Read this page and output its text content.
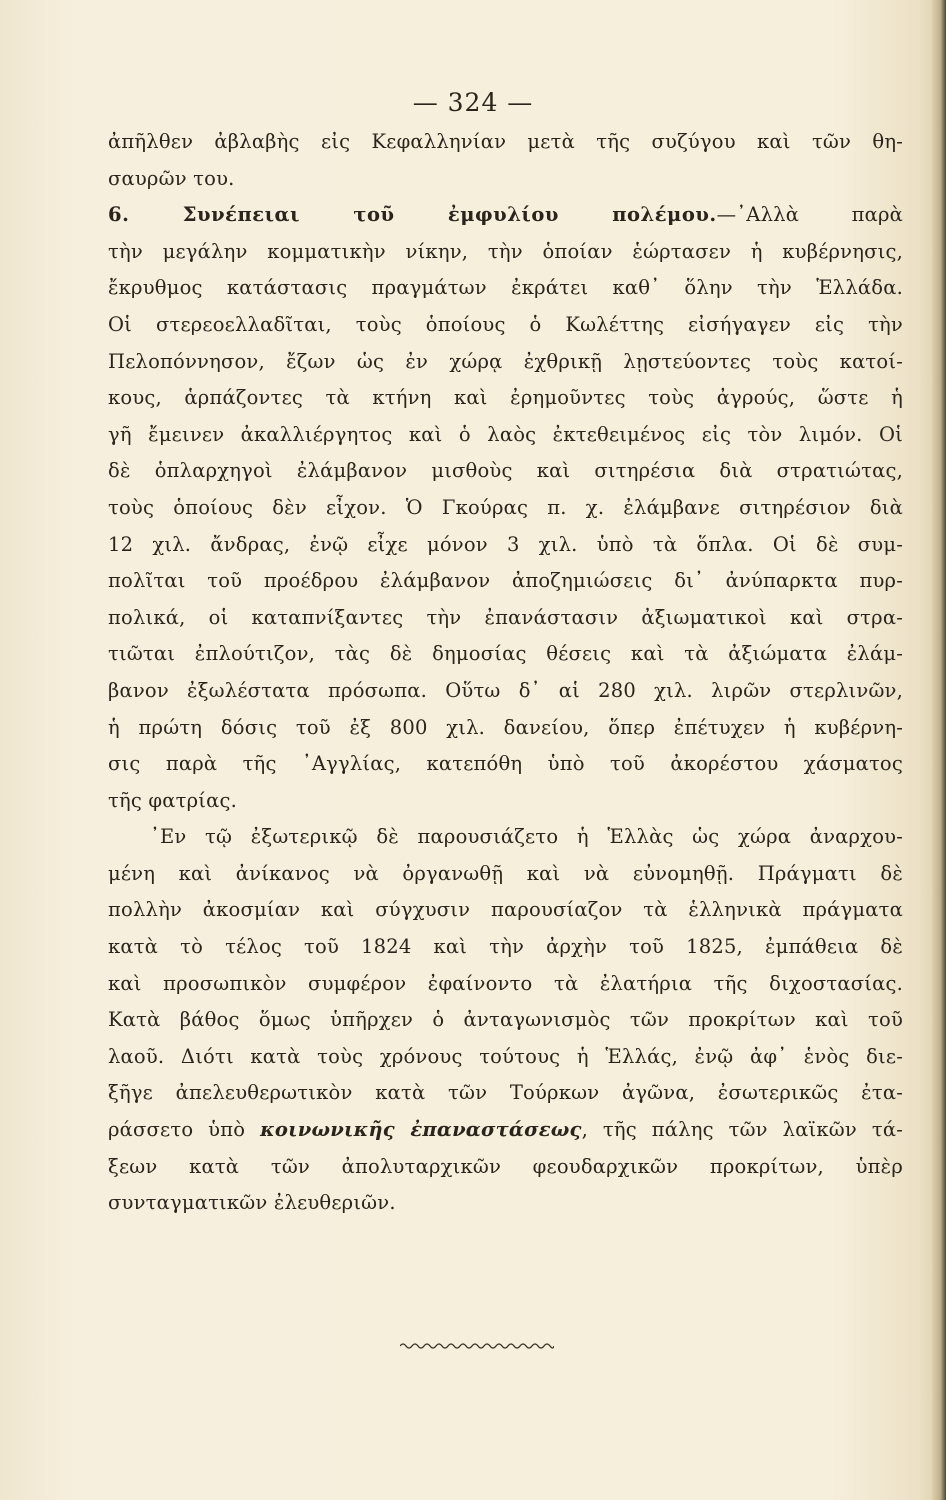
— 324 —
ἀπῆλθεν ἀβλαβὴς εἰς Κεφαλληνίαν μετὰ τῆς συζύγου καὶ τῶν θη-
σαυρῶν του.
6. Συνέπειαι τοῦ ἐμφυλίου πολέμου.—᾿Αλλὰ παρὰ
τὴν μεγάλην κομματικὴν νίκην, τὴν ὁποίαν ἑώρτασεν ἡ κυβέρνησις,
ἔκρυθμος κατάστασις πραγμάτων ἐκράτει καθ᾿ ὅλην τὴν Ἑλλάδα.
Οἱ στερεοελλαδῖται, τοὺς ὁποίους ὁ Κωλέττης εἰσήγαγεν εἰς τὴν
Πελοπόννησον, ἔζων ὡς ἐν χώρᾳ ἐχθρικῇ λῃστεύοντες τοὺς κατοί-
κους, ἁρπάζοντες τὰ κτήνη καὶ ἐρημοῦντες τοὺς ἀγρούς, ὥστε ἡ
γῆ ἔμεινεν ἀκαλλιέργητος καὶ ὁ λαὸς ἐκτεθειμένος εἰς τὸν λιμόν. Οἱ
δὲ ὁπλαρχηγοὶ ἐλάμβανον μισθοὺς καὶ σιτηρέσια διὰ στρατιώτας,
τοὺς ὁποίους δὲν εἶχον. Ὁ Γκούρας π. χ. ἐλάμβανε σιτηρέσιον διὰ
12 χιλ. ἄνδρας, ἐνῷ εἶχε μόνον 3 χιλ. ὑπὸ τὰ ὅπλα. Οἱ δὲ συμ-
πολῖται τοῦ προέδρου ἐλάμβανον ἀποζημιώσεις δι᾿ ἀνύπαρκτα πυρ-
πολικά, οἱ καταπνίξαντες τὴν ἐπανάστασιν ἀξιωματικοὶ καὶ στρα-
τιῶται ἐπλούτιζον, τὰς δὲ δημοσίας θέσεις καὶ τὰ ἀξιώματα ἐλάμ-
βανον ἐξωλέστατα πρόσωπα. Οὕτω δ᾿ αἱ 280 χιλ. λιρῶν στερλινῶν,
ἡ πρώτη δόσις τοῦ ἐξ 800 χιλ. δανείου, ὅπερ ἐπέτυχεν ἡ κυβέρνη-
σις παρὰ τῆς ᾿Αγγλίας, κατεπόθη ὑπὸ τοῦ ἀκορέστου χάσματος
τῆς φατρίας.
᾿Εν τῷ ἐξωτερικῷ δὲ παρουσιάζετο ἡ Ἑλλὰς ὡς χώρα ἀναρχου-
μένη καὶ ἀνίκανος νὰ ὀργανωθῇ καὶ νὰ εὐνομηθῇ. Πράγματι δὲ
πολλὴν ἀκοσμίαν καὶ σύγχυσιν παρουσίαζον τὰ ἑλληνικὰ πράγματα
κατὰ τὸ τέλος τοῦ 1824 καὶ τὴν ἀρχὴν τοῦ 1825, ἐμπάθεια δὲ
καὶ προσωπικὸν συμφέρον ἐφαίνοντο τὰ ἐλατήρια τῆς διχοστασίας.
Κατὰ βάθος ὅμως ὑπῆρχεν ὁ ἀνταγωνισμὸς τῶν προκρίτων καὶ τοῦ
λαοῦ. Διότι κατὰ τοὺς χρόνους τούτους ἡ Ἑλλάς, ἐνῷ ἀφ᾿ ἑνὸς διε-
ξῆγε ἀπελευθερωτικὸν κατὰ τῶν Τούρκων ἀγῶνα, ἐσωτερικῶς ἐτα-
ράσσετο ὑπὸ κοινωνικῆς ἐπαναστάσεως, τῆς πάλης τῶν λαϊκῶν τά-
ξεων κατὰ τῶν ἀπολυταρχικῶν φεουδαρχικῶν προκρίτων, ὑπὲρ
συνταγματικῶν ἐλευθεριῶν.
